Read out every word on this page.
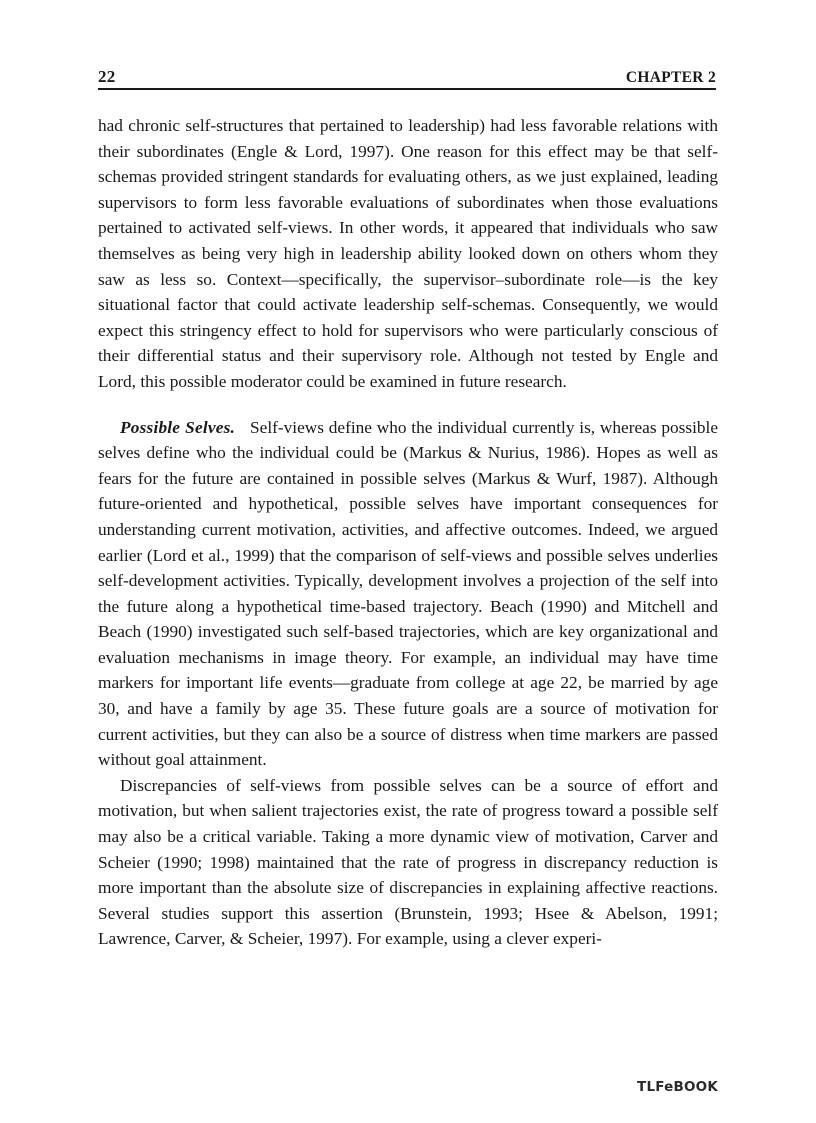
22	CHAPTER 2

had chronic self-structures that pertained to leadership) had less favorable relations with their subordinates (Engle & Lord, 1997). One reason for this effect may be that self-schemas provided stringent standards for evaluating others, as we just explained, leading supervisors to form less favorable evaluations of subordinates when those evaluations pertained to activated self-views. In other words, it appeared that individuals who saw themselves as being very high in leadership ability looked down on others whom they saw as less so. Context—specifically, the supervisor–subordinate role—is the key situational factor that could activate leadership self-schemas. Consequently, we would expect this stringency effect to hold for supervisors who were particularly conscious of their differential status and their supervisory role. Although not tested by Engle and Lord, this possible moderator could be examined in future research.

Possible Selves. Self-views define who the individual currently is, whereas possible selves define who the individual could be (Markus & Nurius, 1986). Hopes as well as fears for the future are contained in possible selves (Markus & Wurf, 1987). Although future-oriented and hypothetical, possible selves have important consequences for understanding current motivation, activities, and affective outcomes. Indeed, we argued earlier (Lord et al., 1999) that the comparison of self-views and possible selves underlies self-development activities. Typically, development involves a projection of the self into the future along a hypothetical time-based trajectory. Beach (1990) and Mitchell and Beach (1990) investigated such self-based trajectories, which are key organizational and evaluation mechanisms in image theory. For example, an individual may have time markers for important life events—graduate from college at age 22, be married by age 30, and have a family by age 35. These future goals are a source of motivation for current activities, but they can also be a source of distress when time markers are passed without goal attainment.

Discrepancies of self-views from possible selves can be a source of effort and motivation, but when salient trajectories exist, the rate of progress toward a possible self may also be a critical variable. Taking a more dynamic view of motivation, Carver and Scheier (1990; 1998) maintained that the rate of progress in discrepancy reduction is more important than the absolute size of discrepancies in explaining affective reactions. Several studies support this assertion (Brunstein, 1993; Hsee & Abelson, 1991; Lawrence, Carver, & Scheier, 1997). For example, using a clever experi-

TLFeBOOK
